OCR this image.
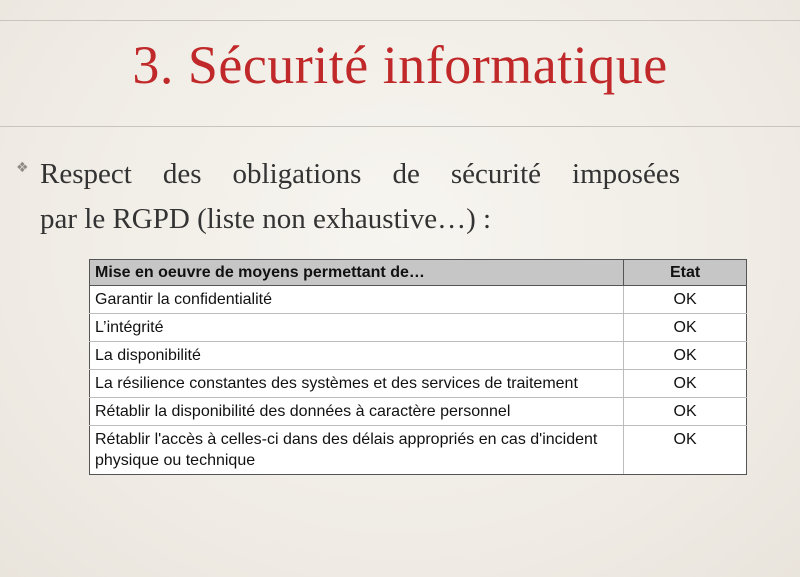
3. Sécurité informatique
❖ Respect des obligations de sécurité imposées
par le RGPD (liste non exhaustive…) :
Mise en oeuvre de moyens permettant de…	Etat
Garantir la confidentialité	OK
L’intégrité	OK
La disponibilité	OK
La résilience constantes des systèmes et des services de traitement	OK
Rétablir la disponibilité des données à caractère personnel	OK
Rétablir l'accès à celles-ci dans des délais appropriés en cas d'incident physique ou technique	OK
